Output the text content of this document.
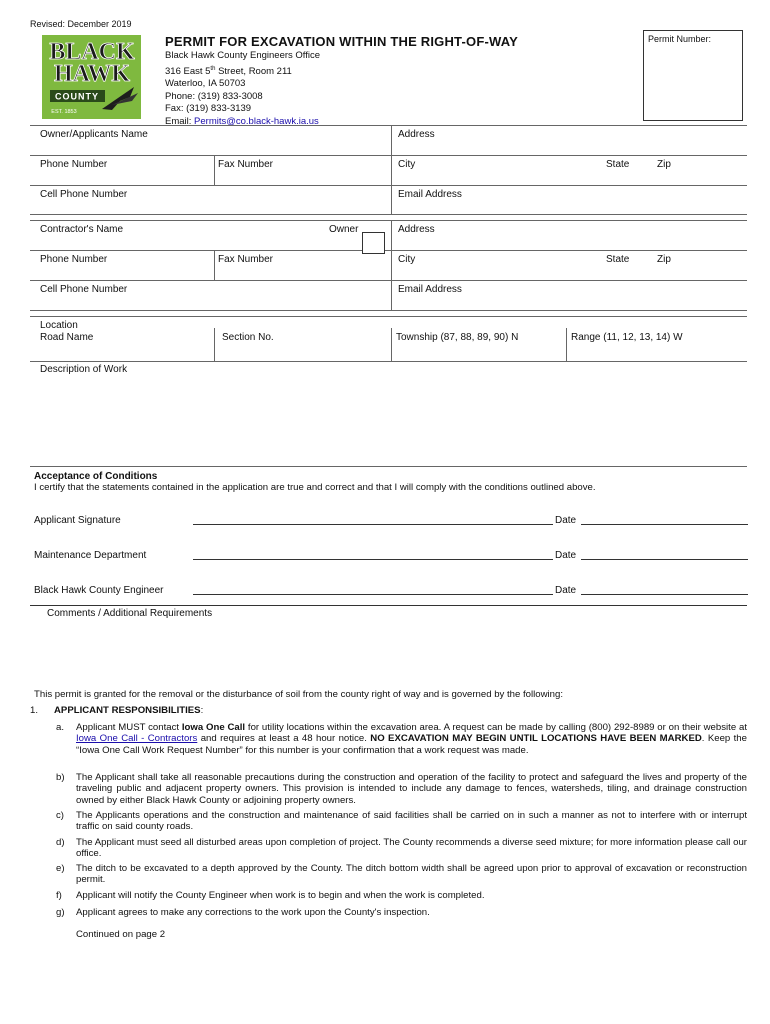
Revised: December 2019
BLACK
HAWK
COUNTY
EST. 1853
PERMIT FOR EXCAVATION WITHIN THE RIGHT-OF-WAY
Black Hawk County Engineers Office
316 East 5th Street, Room 211
Waterloo, IA 50703
Phone: (319) 833-3008
Fax: (319) 833-3139
Email: Permits@co.black-hawk.ia.us
Permit Number:
Owner/Applicants Name	Address
Phone Number	Fax Number	City	State	Zip
Cell Phone Number	Email Address
Contractor's Name	Owner	Address
Phone Number	Fax Number	City	State	Zip
Cell Phone Number	Email Address
Location
Road Name	Section No.	Township (87, 88, 89, 90) N	Range (11, 12, 13, 14) W
Description of Work
Acceptance of Conditions
I certify that the statements contained in the application are true and correct and that I will comply with the conditions outlined above.
Applicant Signature	Date
Maintenance Department	Date
Black Hawk County Engineer	Date
Comments / Additional Requirements
This permit is granted for the removal or the disturbance of soil from the county right of way and is governed by the following:
1. APPLICANT RESPONSIBILITIES:
a. Applicant MUST contact Iowa One Call for utility locations within the excavation area. A request can be made by calling (800) 292-8989 or on their website at Iowa One Call - Contractors and requires at least a 48 hour notice. NO EXCAVATION MAY BEGIN UNTIL LOCATIONS HAVE BEEN MARKED. Keep the “Iowa One Call Work Request Number” for this number is your confirmation that a work request was made.
b) The Applicant shall take all reasonable precautions during the construction and operation of the facility to protect and safeguard the lives and property of the traveling public and adjacent property owners. This provision is intended to include any damage to fences, watersheds, tiling, and drainage construction owned by either Black Hawk County or adjoining property owners.
c) The Applicants operations and the construction and maintenance of said facilities shall be carried on in such a manner as not to interfere with or interrupt traffic on said county roads.
d) The Applicant must seed all disturbed areas upon completion of project. The County recommends a diverse seed mixture; for more information please call our office.
e) The ditch to be excavated to a depth approved by the County. The ditch bottom width shall be agreed upon prior to approval of excavation or reconstruction permit.
f) Applicant will notify the County Engineer when work is to begin and when the work is completed.
g) Applicant agrees to make any corrections to the work upon the County's inspection.
Continued on page 2
